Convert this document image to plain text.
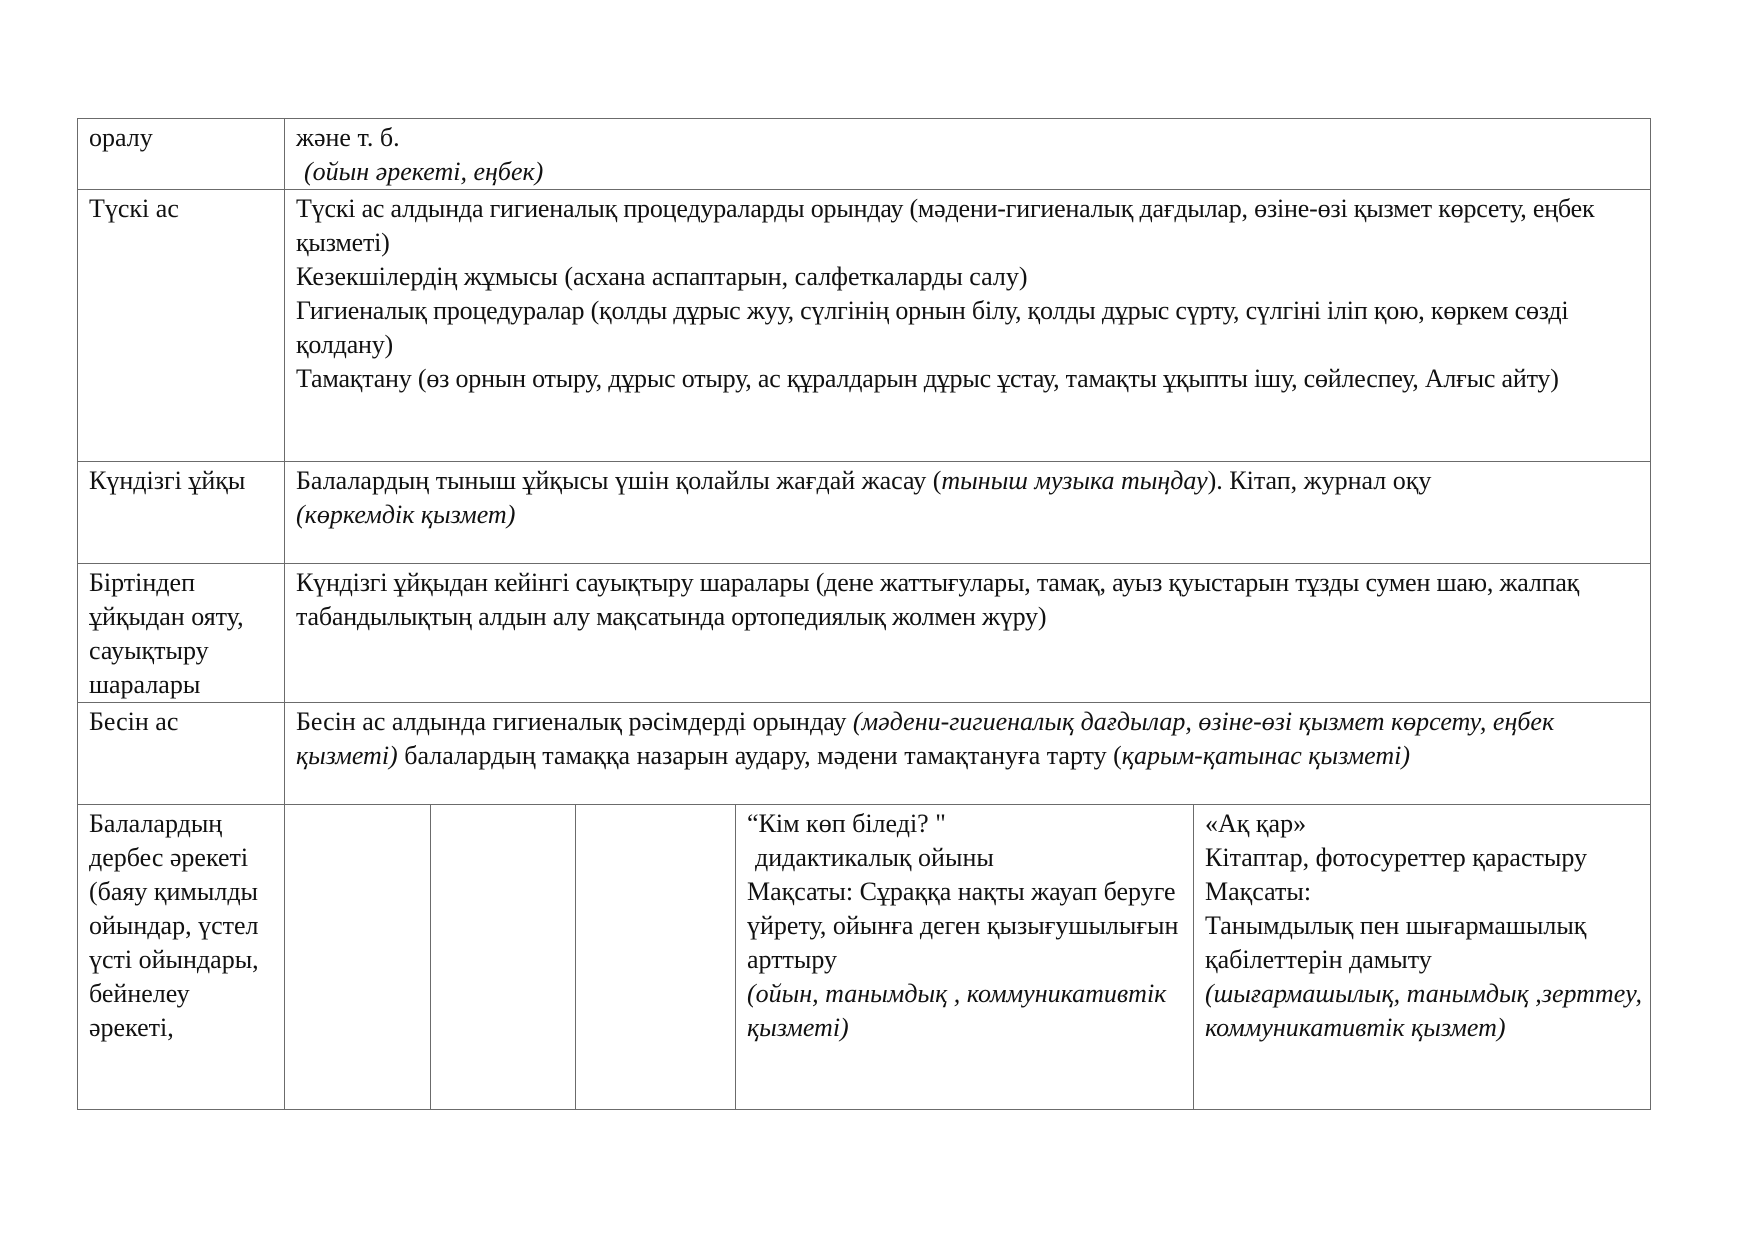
оралу	және т. б.
(ойын әрекеті, еңбек)				

Түскі ас	Түскі ас алдында гигиеналық процедураларды орындау (мәдени-гигиеналық дағдылар, өзіне-өзі қызмет көрсету, еңбек қызметі)
Кезекшілердің жұмысы (асхана аспаптарын, салфеткаларды салу)
Гигиеналық процедуралар (қолды дұрыс жуу, сүлгінің орнын білу, қолды дұрыс сүрту, сүлгіні іліп қою, көркем сөзді қолдану)
Тамақтану (өз орнын отыру, дұрыс отыру, ас құралдарын дұрыс ұстау, тамақты ұқыпты ішу, сөйлеспеу, Алғыс айту)				

Күндізгі ұйқы	Балалардың тыныш ұйқысы үшін қолайлы жағдай жасау (тыныш музыка тыңдау). Кітап, журнал оқу
(көркемдік қызмет)				

Біртіндеп ұйқыдан ояту, сауықтыру шаралары	Күндізгі ұйқыдан кейінгі сауықтыру шаралары (дене жаттығулары, тамақ, ауыз қуыстарын тұзды сумен шаю, жалпақ табандылықтың алдын алу мақсатында ортопедиялық жолмен жүру)				
Бесін ас	Бесін ас алдында гигиеналық рәсімдерді орындау (мәдени-гигиеналық дағдылар, өзіне-өзі қызмет көрсету, еңбек қызметі) балалардың тамаққа назарын аудару, мәдени тамақтануға тарту (қарым-қатынас қызметі)				
Балалардың дербес әрекеті (баяу қимылды ойындар, үстел үсті ойындары, бейнелеу әрекеті,				“Кім көп біледі? "
дидактикалық ойыны
Мақсаты: Сұраққа нақты жауап беруге үйрету, ойынға деген қызығушылығын арттыру
(ойын, танымдық , коммуникативтік қызметі)	«Ақ қар»
Кітаптар, фотосуреттер қарастыру
Мақсаты:
Танымдылық пен шығармашылық қабілеттерін дамыту
(шығармашылық, танымдық ,зерттеу, коммуникативтік қызмет)
